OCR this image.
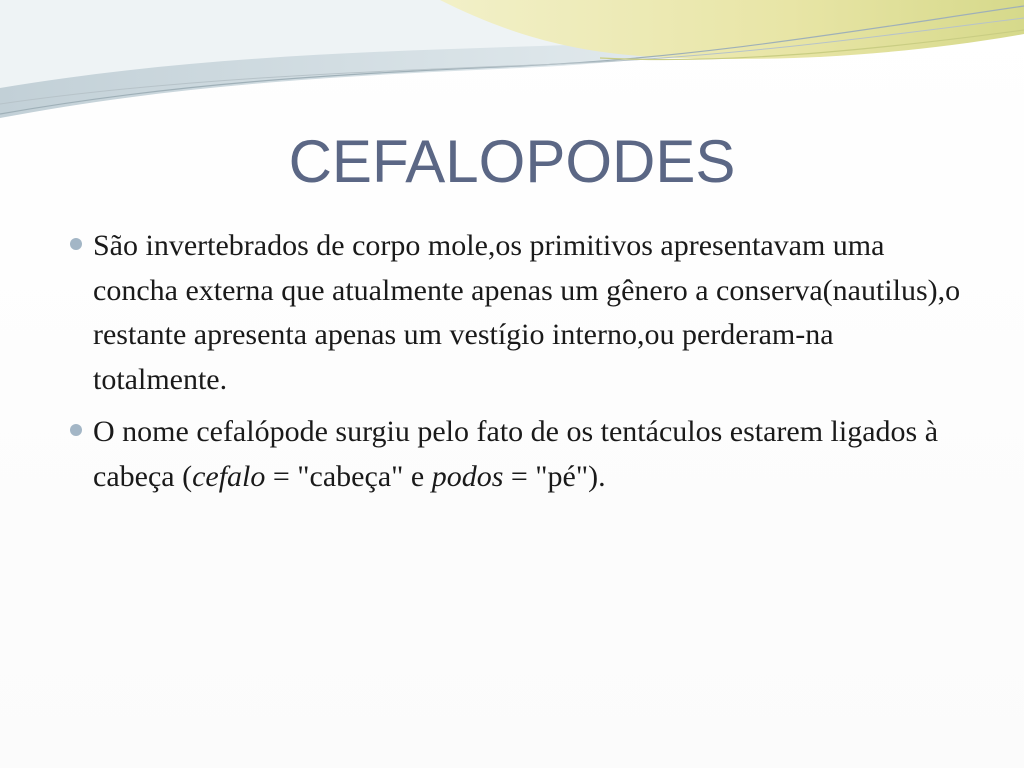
CEFALOPODES
São invertebrados de corpo mole,os primitivos apresentavam uma concha externa que atualmente apenas um gênero a conserva(nautilus),o restante apresenta apenas um vestígio interno,ou perderam-na totalmente.
O nome cefalópode surgiu pelo fato de os tentáculos estarem ligados à cabeça (cefalo = "cabeça" e podos = "pé").
